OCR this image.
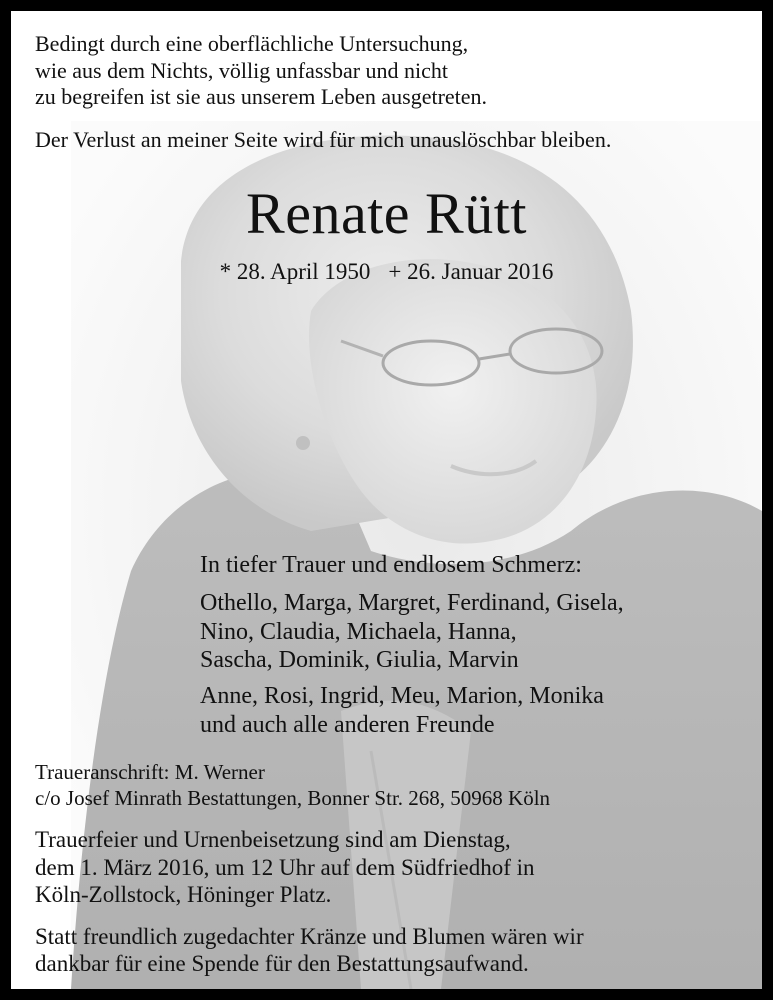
Bedingt durch eine oberflächliche Untersuchung,
wie aus dem Nichts, völlig unfassbar und nicht
zu begreifen ist sie aus unserem Leben ausgetreten.

Der Verlust an meiner Seite wird für mich unauslöschbar bleiben.

Renate Rütt

* 28. April 1950 + 26. Januar 2016

In tiefer Trauer und endlosem Schmerz:

Othello, Marga, Margret, Ferdinand, Gisela,
Nino, Claudia, Michaela, Hanna,
Sascha, Dominik, Giulia, Marvin

Anne, Rosi, Ingrid, Meu, Marion, Monika
und auch alle anderen Freunde

Traueranschrift: M. Werner
c/o Josef Minrath Bestattungen, Bonner Str. 268, 50968 Köln

Trauerfeier und Urnenbeisetzung sind am Dienstag,
dem 1. März 2016, um 12 Uhr auf dem Südfriedhof in
Köln-Zollstock, Höninger Platz.

Statt freundlich zugedachter Kränze und Blumen wären wir
dankbar für eine Spende für den Bestattungsaufwand.
